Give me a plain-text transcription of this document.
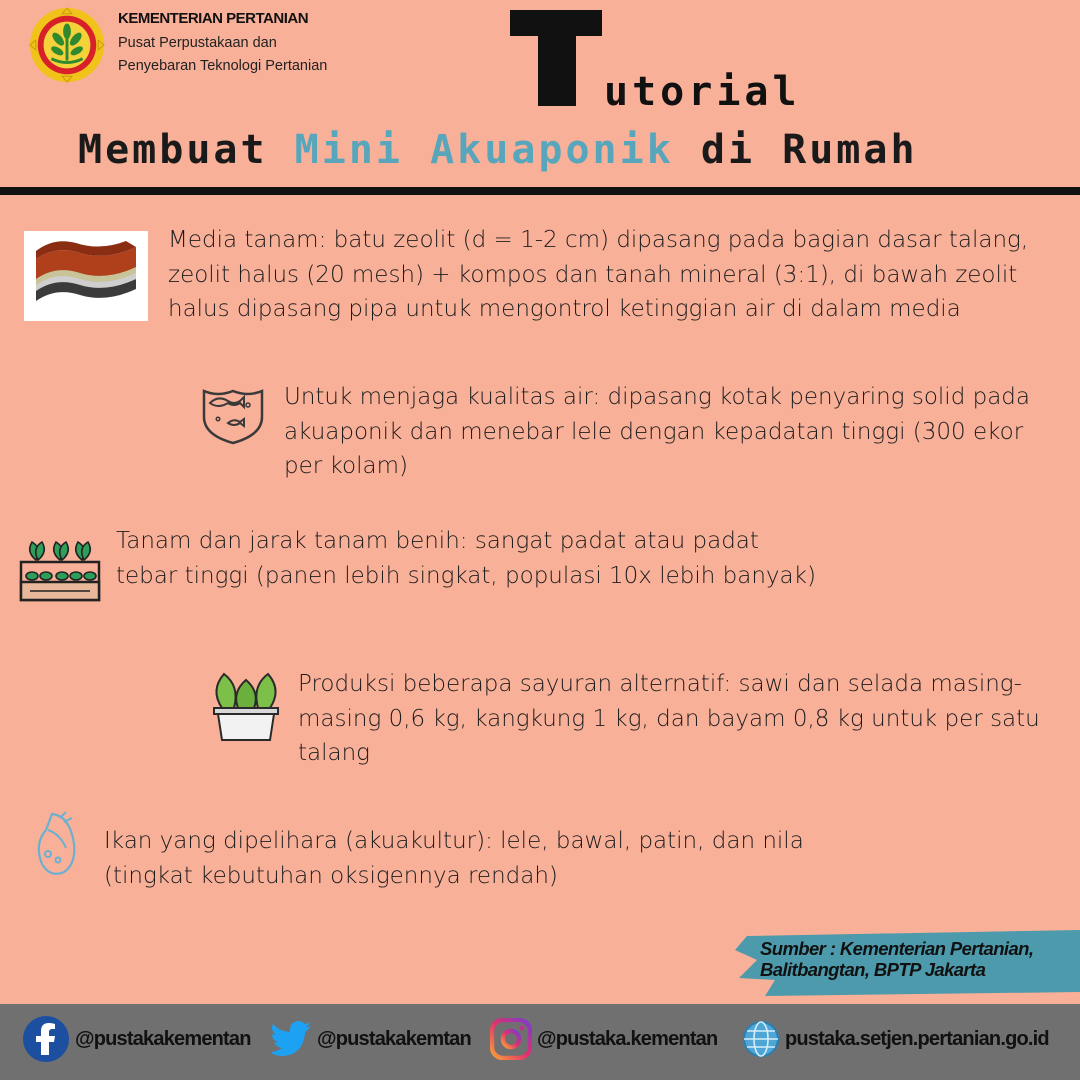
KEMENTERIAN PERTANIAN
Pusat Perpustakaan dan
Penyebaran Teknologi Pertanian
T utorial
Membuat Mini Akuaponik di Rumah
Media tanam: batu zeolit (d = 1-2 cm) dipasang pada bagian dasar talang, zeolit halus (20 mesh) + kompos dan tanah mineral (3:1), di bawah zeolit halus dipasang pipa untuk mengontrol ketinggian air di dalam media
Untuk menjaga kualitas air: dipasang kotak penyaring solid pada akuaponik dan menebar lele dengan kepadatan tinggi (300 ekor per kolam)
Tanam dan jarak tanam benih: sangat padat atau padat tebar tinggi (panen lebih singkat, populasi 10x lebih banyak)
Produksi beberapa sayuran alternatif: sawi dan selada masing-masing 0,6 kg, kangkung 1 kg, dan bayam 0,8 kg untuk per satu talang
Ikan yang dipelihara (akuakultur): lele, bawal, patin, dan nila (tingkat kebutuhan oksigennya rendah)
Sumber : Kementerian Pertanian,
Balitbangtan, BPTP Jakarta
@pustakakementan	@pustakakemtan	@pustaka.kementan	pustaka.setjen.pertanian.go.id
